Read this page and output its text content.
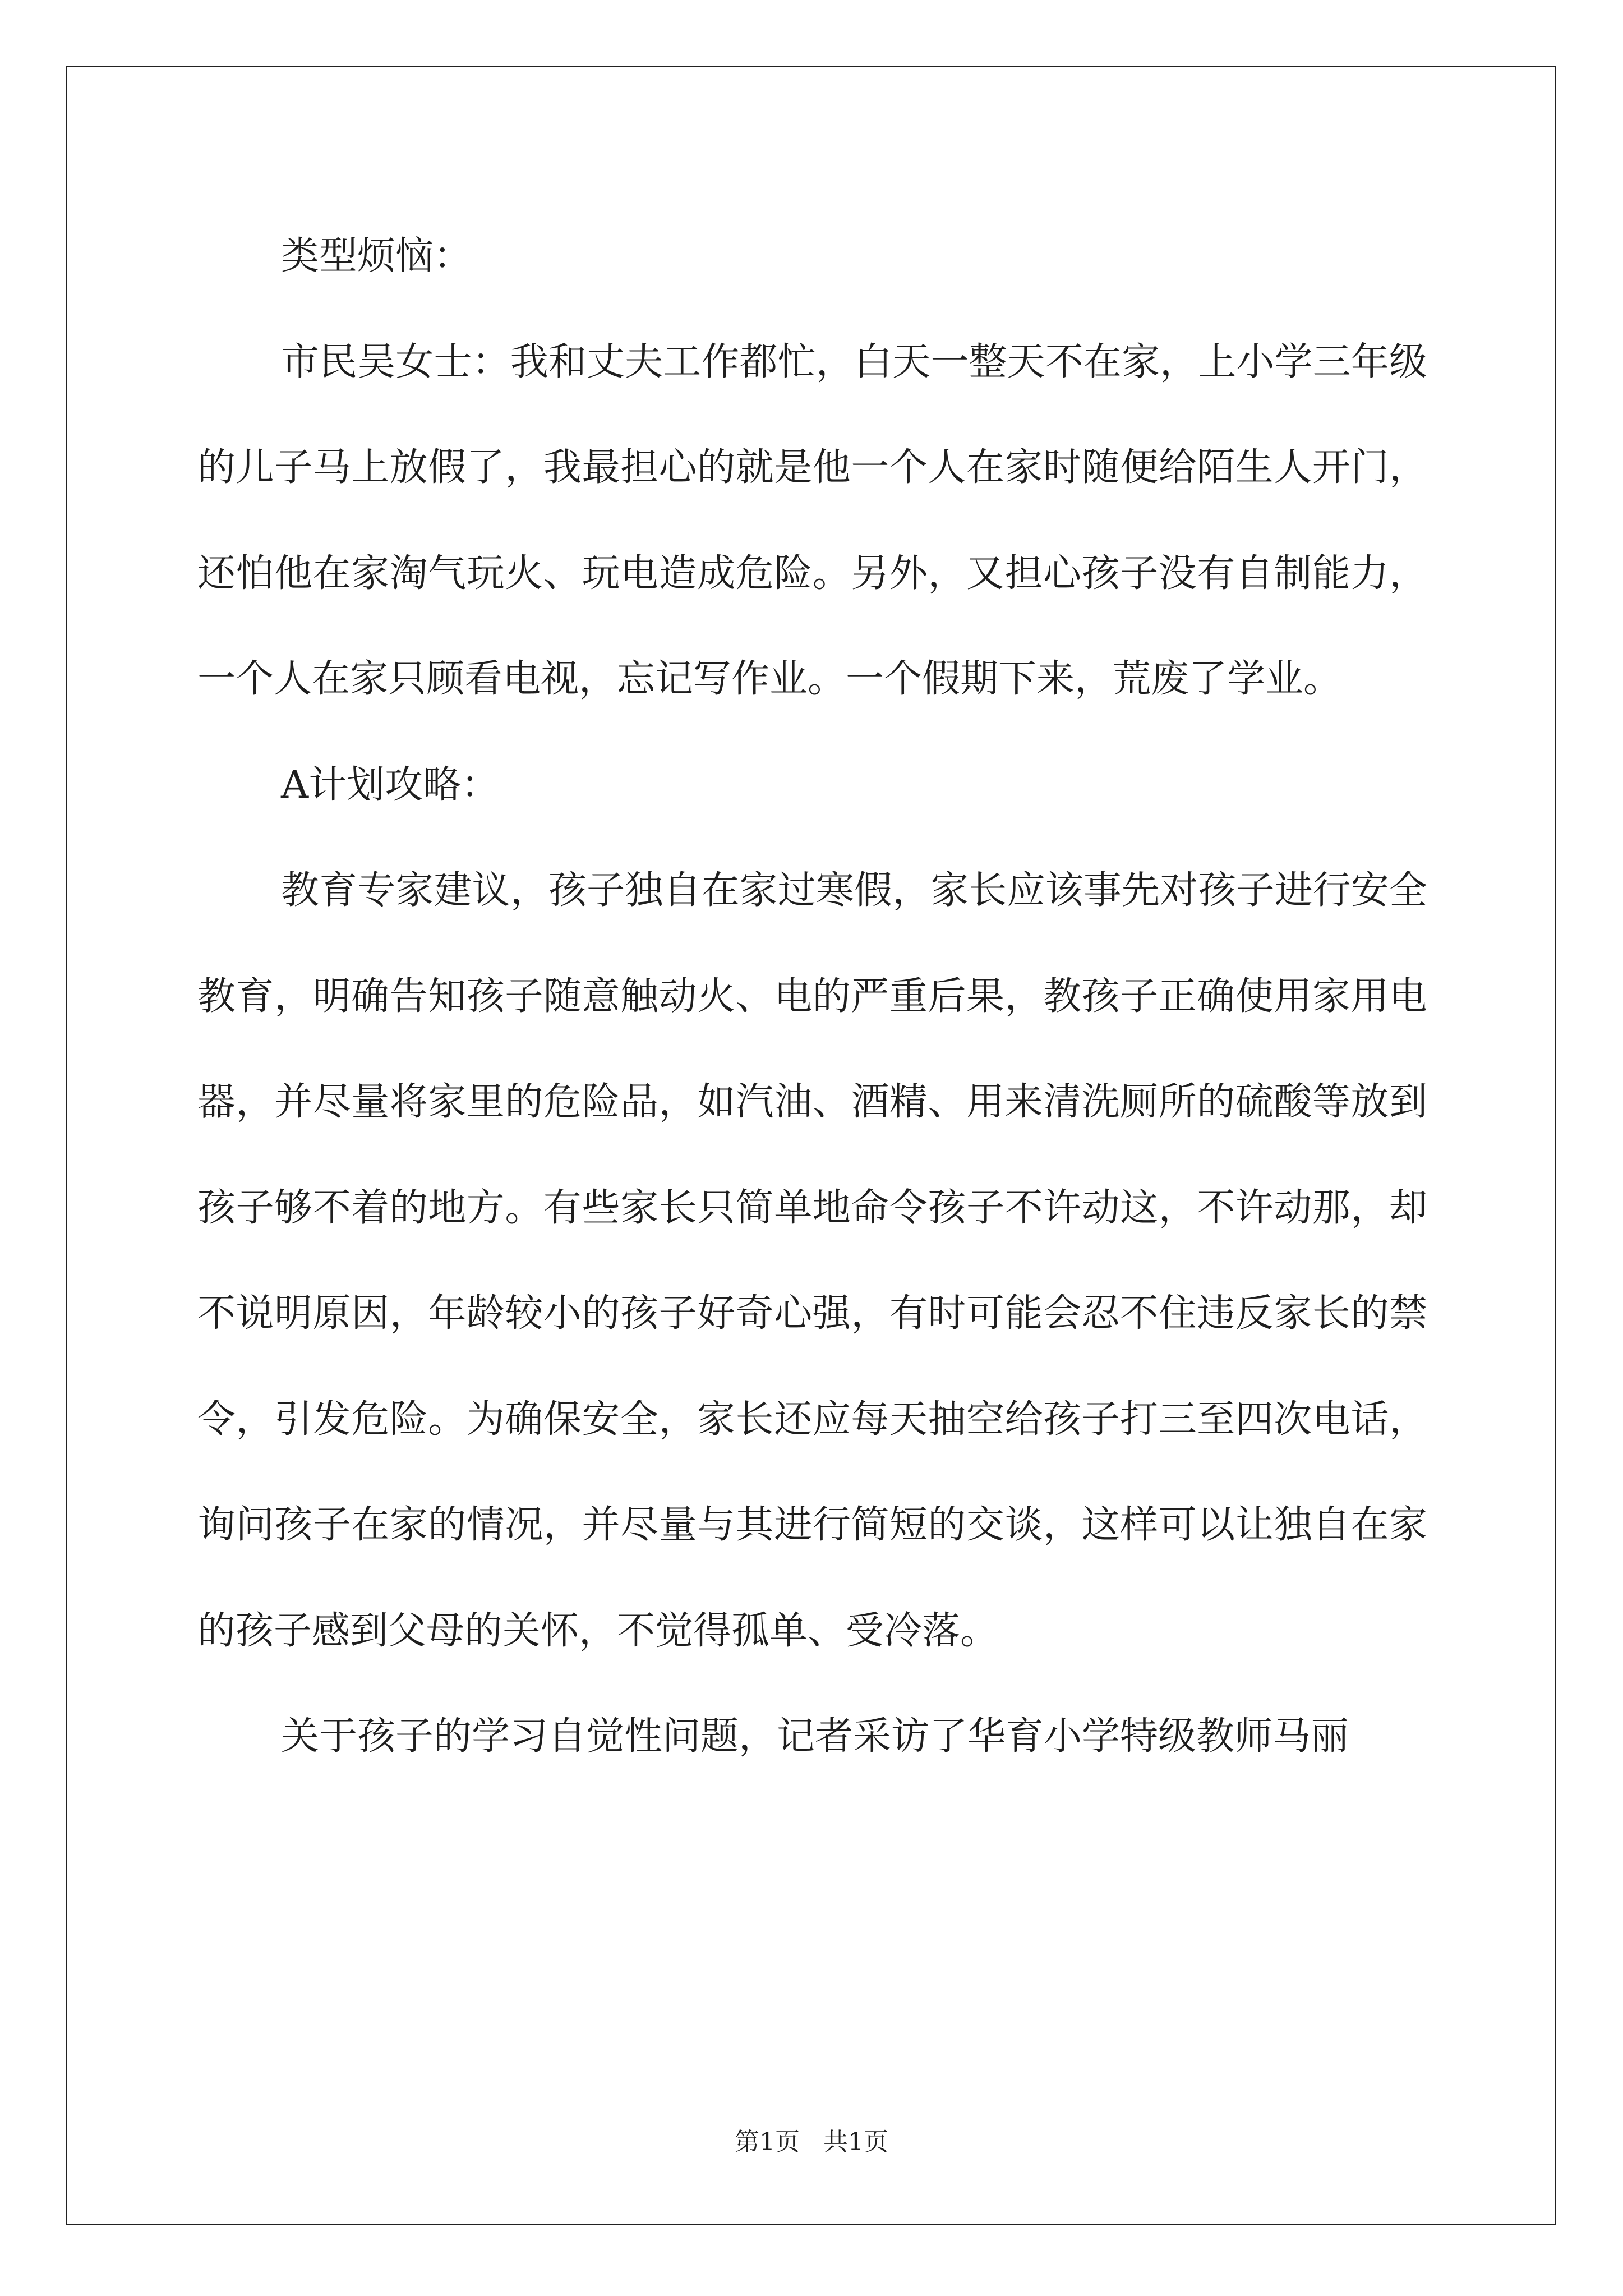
类型烦恼：

市民吴女士：我和丈夫工作都忙，白天一整天不在家，上小学三年级的儿子马上放假了，我最担心的就是他一个人在家时随便给陌生人开门，还怕他在家淘气玩火、玩电造成危险。另外，又担心孩子没有自制能力，一个人在家只顾看电视，忘记写作业。一个假期下来，荒废了学业。

A计划攻略：

教育专家建议，孩子独自在家过寒假，家长应该事先对孩子进行安全教育，明确告知孩子随意触动火、电的严重后果，教孩子正确使用家用电器，并尽量将家里的危险品，如汽油、酒精、用来清洗厕所的硫酸等放到孩子够不着的地方。有些家长只简单地命令孩子不许动这，不许动那，却不说明原因，年龄较小的孩子好奇心强，有时可能会忍不住违反家长的禁令，引发危险。为确保安全，家长还应每天抽空给孩子打三至四次电话，询问孩子在家的情况，并尽量与其进行简短的交谈，这样可以让独自在家的孩子感到父母的关怀，不觉得孤单、受冷落。

关于孩子的学习自觉性问题，记者采访了华育小学特级教师马丽

第1页   共1页
